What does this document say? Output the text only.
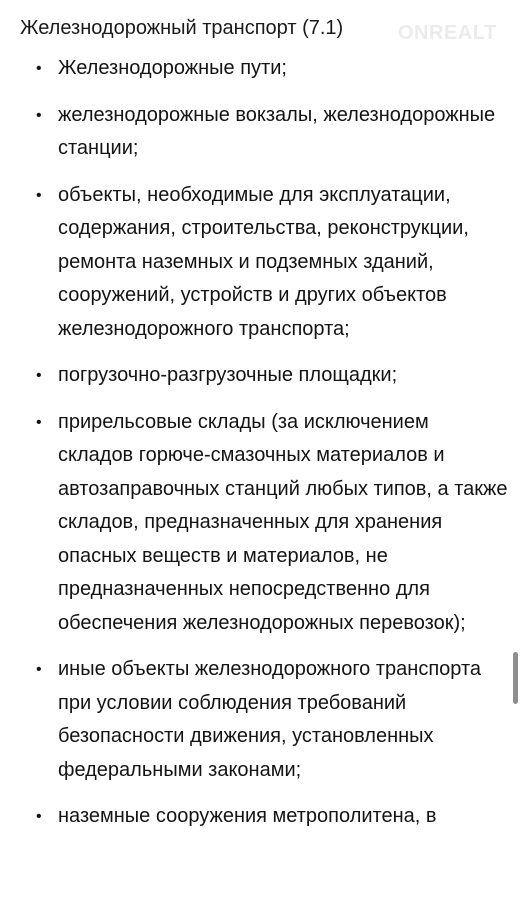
Железнодорожный транспорт (7.1)	ONREALT
• Железнодорожные пути;
• железнодорожные вокзалы, железнодорожные станции;
• объекты, необходимые для эксплуатации, содержания, строительства, реконструкции, ремонта наземных и подземных зданий, сооружений, устройств и других объектов железнодорожного транспорта;
• погрузочно-разгрузочные площадки;
• прирельсовые склады (за исключением складов горюче-смазочных материалов и автозаправочных станций любых типов, а также складов, предназначенных для хранения опасных веществ и материалов, не предназначенных непосредственно для обеспечения железнодорожных перевозок);
• иные объекты железнодорожного транспорта при условии соблюдения требований безопасности движения, установленных федеральными законами;
• наземные сооружения метрополитена, в
